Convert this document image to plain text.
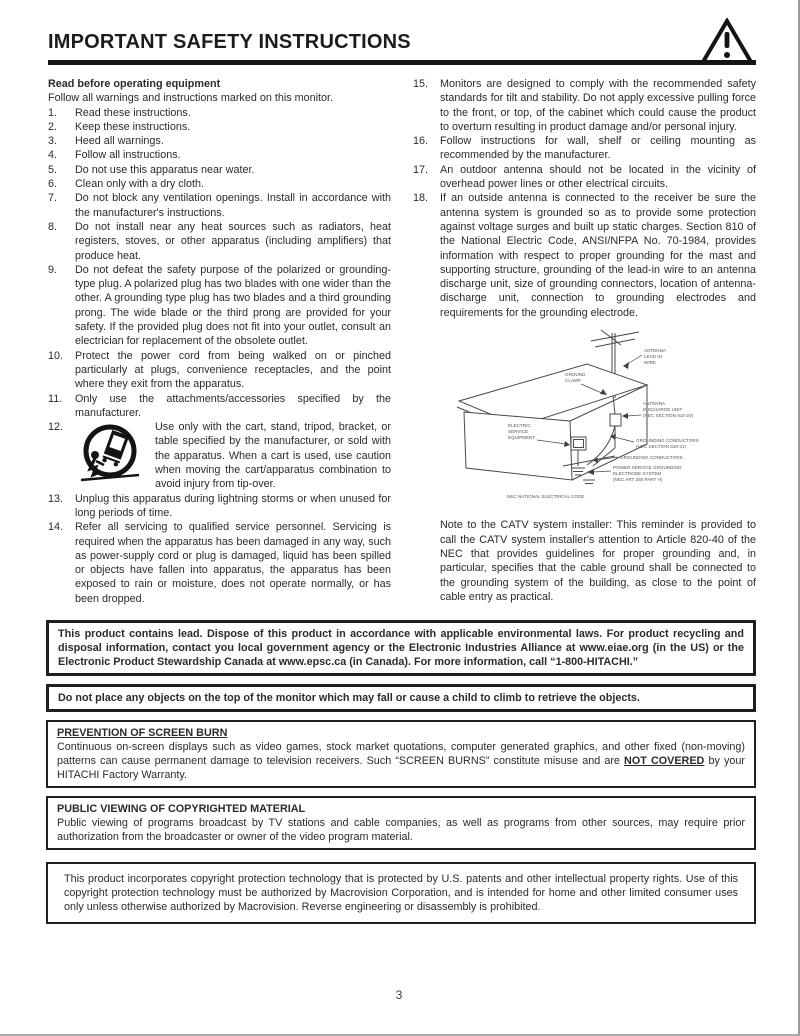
IMPORTANT SAFETY INSTRUCTIONS
Read before operating equipment
Follow all warnings and instructions marked on this monitor.
1.	Read these instructions.
2.	Keep these instructions.
3.	Heed all warnings.
4.	Follow all instructions.
5.	Do not use this apparatus near water.
6.	Clean only with a dry cloth.
7.	Do not block any ventilation openings. Install in accordance with the manufacturer's instructions.
8.	Do not install near any heat sources such as radiators, heat registers, stoves, or other apparatus (including amplifiers) that produce heat.
9.	Do not defeat the safety purpose of the polarized or grounding-type plug. A polarized plug has two blades with one wider than the other. A grounding type plug has two blades and a third grounding prong. The wide blade or the third prong are provided for your safety. If the provided plug does not fit into your outlet, consult an electrician for replacement of the obsolete outlet.
10.	Protect the power cord from being walked on or pinched particularly at plugs, convenience receptacles, and the point where they exit from the apparatus.
11.	Only use the attachments/accessories specified by the manufacturer.
12.	Use only with the cart, stand, tripod, bracket, or table specified by the manufacturer, or sold with the apparatus. When a cart is used, use caution when moving the cart/apparatus combination to avoid injury from tip-over.
13.	Unplug this apparatus during lightning storms or when unused for long periods of time.
14.	Refer all servicing to qualified service personnel. Servicing is required when the apparatus has been damaged in any way, such as power-supply cord or plug is damaged, liquid has been spilled or objects have fallen into apparatus, the apparatus has been exposed to rain or moisture, does not operate normally, or has been dropped.
15.	Monitors are designed to comply with the recommended safety standards for tilt and stability. Do not apply excessive pulling force to the front, or top, of the cabinet which could cause the product to overturn resulting in product damage and/or personal injury.
16.	Follow instructions for wall, shelf or ceiling mounting as recommended by the manufacturer.
17.	An outdoor antenna should not be located in the vicinity of overhead power lines or other electrical circuits.
18.	If an outside antenna is connected to the receiver be sure the antenna system is grounded so as to provide some protection against voltage surges and built up static charges. Section 810 of the National Electric Code, ANSI/NFPA No. 70-1984, provides information with respect to proper grounding for the mast and supporting structure, grounding of the lead-in wire to an antenna discharge unit, size of grounding connectors, location of antenna-discharge unit, connection to grounding electrodes and requirements for the grounding electrode.
ANTENNA
LEAD IN
WIRE
GROUND
CLAMP
ANTENNA
DISCHARGE UNIT
(NEC SECTION 810-20)
ELECTRIC
SERVICE
EQUIPMENT
GROUNDING CONDUCTORS
(NEC SECTION 810-21)
GROUNDING CONDUCTORS
POWER SERVICE GROUNDING
ELECTRODE SYSTEM
(NEC ART 250 PART H)
NEC NATIONAL ELECTRICAL CODE
Note to the CATV system installer: This reminder is provided to call the CATV system installer's attention to Article 820-40 of the NEC that provides guidelines for proper grounding and, in particular, specifies that the cable ground shall be connected to the grounding system of the building, as close to the point of cable entry as practical.

This product contains lead. Dispose of this product in accordance with applicable environmental laws. For product recycling and disposal information, contact you local government agency or the Electronic Industries Alliance at www.eiae.org (in the US) or the Electronic Product Stewardship Canada at www.epsc.ca (in Canada). For more information, call “1-800-HITACHI.”

Do not place any objects on the top of the monitor which may fall or cause a child to climb to retrieve the objects.

PREVENTION OF SCREEN BURN

Continuous on-screen displays such as video games, stock market quotations, computer generated graphics, and other fixed (non-moving) patterns can cause permanent damage to television receivers. Such “SCREEN BURNS” constitute misuse and are NOT COVERED by your HITACHI Factory Warranty.

PUBLIC VIEWING OF COPYRIGHTED MATERIAL

Public viewing of programs broadcast by TV stations and cable companies, as well as programs from other sources, may require prior authorization from the broadcaster or owner of the video program material.

This product incorporates copyright protection technology that is protected by U.S. patents and other intellectual property rights. Use of this copyright protection technology must be authorized by Macrovision Corporation, and is intended for home and other limited consumer uses only unless otherwise authorized by Macrovision. Reverse engineering or disassembly is prohibited.

3
